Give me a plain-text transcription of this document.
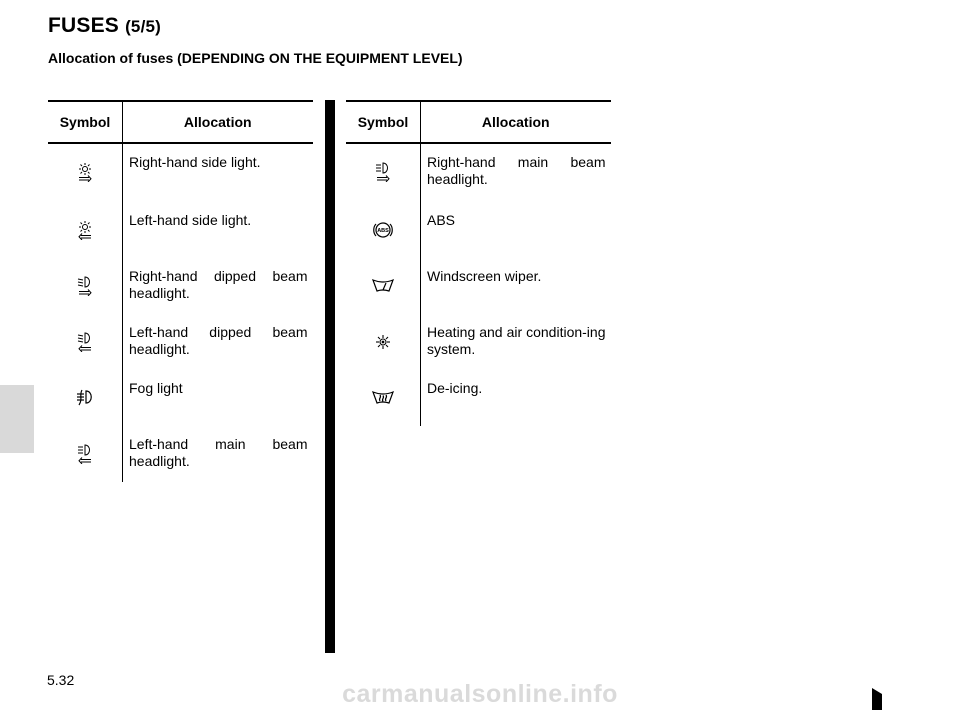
FUSES (5/5)

Allocation of fuses (DEPENDING ON THE EQUIPMENT LEVEL)

Symbol	Allocation

	Right-hand side light.

	Left-hand side light.

	Right-hand dipped beam headlight.

	Left-hand dipped beam headlight.

	Fog light

	Left-hand main beam headlight.
Symbol	Allocation

	Right-hand main beam headlight.

ABS	ABS

	Windscreen wiper.

	Heating and air condition-ing system.

	De-icing.

5.32	carmanualsonline.info
